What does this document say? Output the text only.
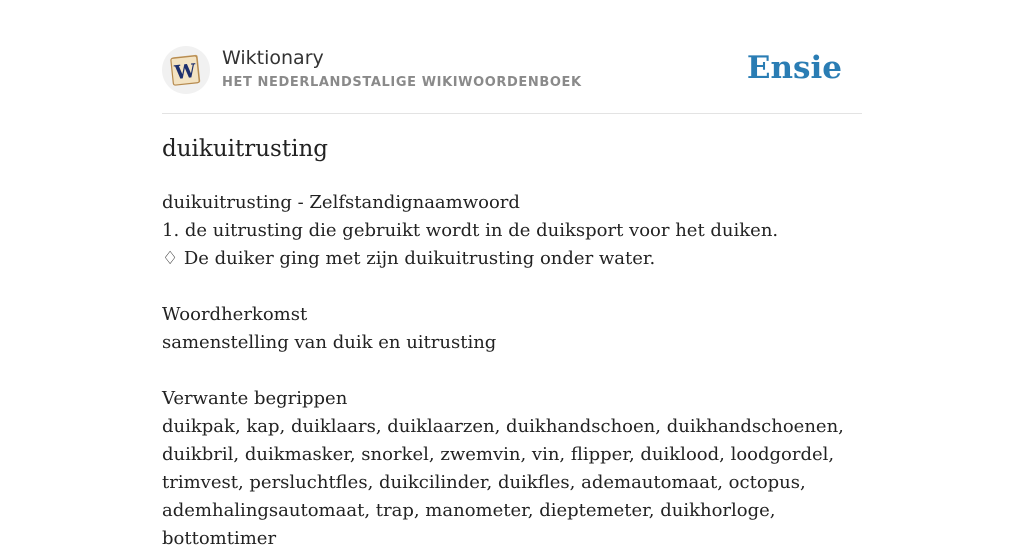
W
Wiktionary
HET NEDERLANDSTALIGE WIKIWOORDENBOEK	Ensie
duikuitrusting
duikuitrusting - Zelfstandignaamwoord
1. de uitrusting die gebruikt wordt in de duiksport voor het duiken.
♢ De duiker ging met zijn duikuitrusting onder water.
Woordherkomst
samenstelling van duik en uitrusting
Verwante begrippen
duikpak, kap, duiklaars, duiklaarzen, duikhandschoen, duikhandschoenen, duikbril, duikmasker, snorkel, zwemvin, vin, flipper, duiklood, loodgordel, trimvest, persluchtfles, duikcilinder, duikfles, ademautomaat, octopus, ademhalingsautomaat, trap, manometer, dieptemeter, duikhorloge, bottomtimer
